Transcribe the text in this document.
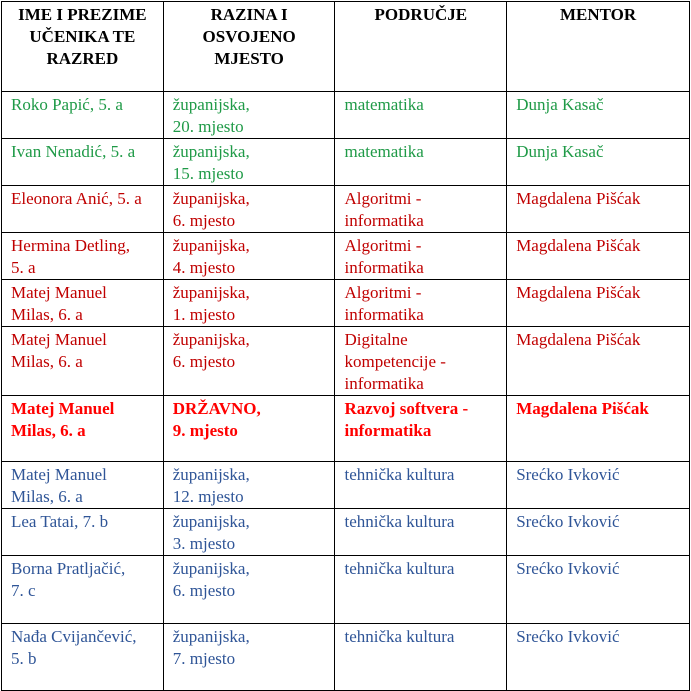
IME I PREZIME UČENIKA TE RAZRED	RAZINA I OSVOJENO MJESTO	PODRUČJE	MENTOR
Roko Papić, 5. a	županijska,
20. mjesto	matematika	Dunja Kasač
Ivan Nenadić, 5. a	županijska,
15. mjesto	matematika	Dunja Kasač
Eleonora Anić, 5. a	županijska,
6. mjesto	Algoritmi -
informatika	Magdalena Pišćak
Hermina Detling,
5. a	županijska,
4. mjesto	Algoritmi -
informatika	Magdalena Pišćak
Matej Manuel
Milas, 6. a	županijska,
1. mjesto	Algoritmi -
informatika	Magdalena Pišćak
Matej Manuel
Milas, 6. a	županijska,
6. mjesto	Digitalne
kompetencije -
informatika	Magdalena Pišćak
Matej Manuel
Milas, 6. a	DRŽAVNO,
9. mjesto	Razvoj softvera -
informatika	Magdalena Pišćak
Matej Manuel
Milas, 6. a	županijska,
12. mjesto	tehnička kultura	Srećko Ivković
Lea Tatai, 7. b	županijska,
3. mjesto	tehnička kultura	Srećko Ivković
Borna Pratljačić,
7. c	županijska,
6. mjesto	tehnička kultura	Srećko Ivković
Nađa Cvijančević,
5. b	županijska,
7. mjesto	tehnička kultura	Srećko Ivković
